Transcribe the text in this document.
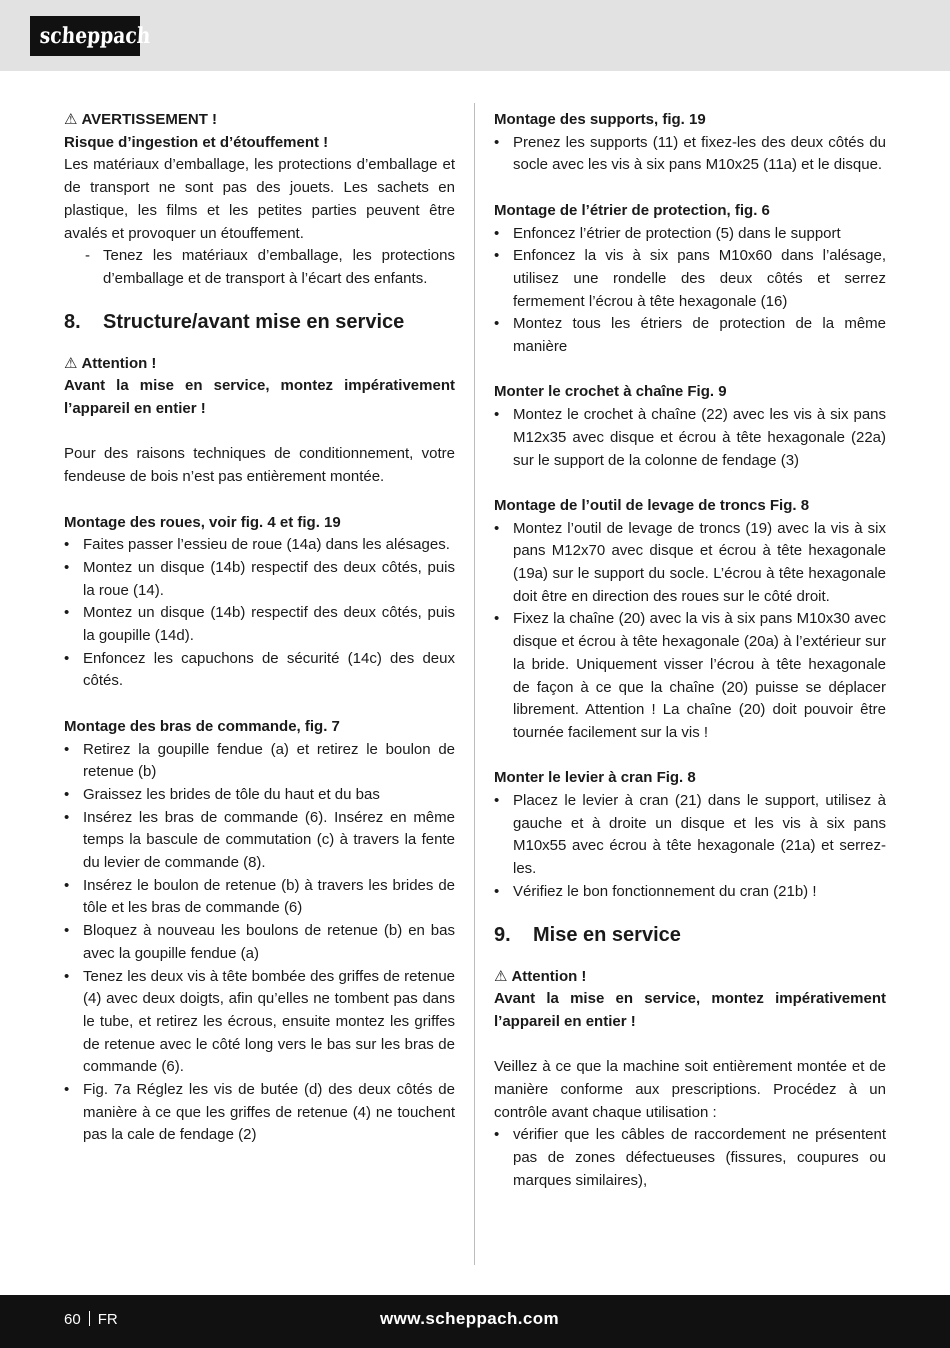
scheppach

⚠ AVERTISSEMENT !

Risque d’ingestion et d’étouffement !

Les matériaux d’emballage, les protections d’emballage et de transport ne sont pas des jouets. Les sachets en plastique, les films et les petites parties peuvent être avalés et provoquer un étouffement.

- Tenez les matériaux d’emballage, les protections d’emballage et de transport à l’écart des enfants.
8.	Structure/avant mise en service

⚠ Attention !

Avant la mise en service, montez impérativement l’appareil en entier !

Pour des raisons techniques de conditionnement, votre fendeuse de bois n’est pas entièrement montée.

Montage des roues, voir fig. 4 et fig. 19

• Faites passer l’essieu de roue (14a) dans les alésages.
• Montez un disque (14b) respectif des deux côtés, puis la roue (14).
• Montez un disque (14b) respectif des deux côtés, puis la goupille (14d).
• Enfoncez les capuchons de sécurité (14c) des deux côtés.

Montage des bras de commande, fig. 7

• Retirez la goupille fendue (a) et retirez le boulon de retenue (b)
• Graissez les brides de tôle du haut et du bas
• Insérez les bras de commande (6). Insérez en même temps la bascule de commutation (c) à travers la fente du levier de commande (8).
• Insérez le boulon de retenue (b) à travers les brides de tôle et les bras de commande (6)
• Bloquez à nouveau les boulons de retenue (b) en bas avec la goupille fendue (a)
• Tenez les deux vis à tête bombée des griffes de retenue (4) avec deux doigts, afin qu’elles ne tombent pas dans le tube, et retirez les écrous, ensuite montez les griffes de retenue avec le côté long vers le bas sur les bras de commande (6).
• Fig. 7a Réglez les vis de butée (d) des deux côtés de manière à ce que les griffes de retenue (4) ne touchent pas la cale de fendage (2)

Montage des supports, fig. 19

• Prenez les supports (11) et fixez-les des deux côtés du socle avec les vis à six pans M10x25 (11a) et le disque.

Montage de l’étrier de protection, fig. 6

• Enfoncez l’étrier de protection (5) dans le support
• Enfoncez la vis à six pans M10x60 dans l’alésage, utilisez une rondelle des deux côtés et serrez fermement l’écrou à tête hexagonale (16)
• Montez tous les étriers de protection de la même manière

Monter le crochet à chaîne Fig. 9

• Montez le crochet à chaîne (22) avec les vis à six pans M12x35 avec disque et écrou à tête hexagonale (22a) sur le support de la colonne de fendage (3)

Montage de l’outil de levage de troncs Fig. 8

• Montez l’outil de levage de troncs (19) avec la vis à six pans M12x70 avec disque et écrou à tête hexagonale (19a) sur le support du socle. L’écrou à tête hexagonale doit être en direction des roues sur le côté droit.
• Fixez la chaîne (20) avec la vis à six pans M10x30 avec disque et écrou à tête hexagonale (20a) à l’extérieur sur la bride. Uniquement visser l’écrou à tête hexagonale de façon à ce que la chaîne (20) puisse se déplacer librement. Attention ! La chaîne (20) doit pouvoir être tournée facilement sur la vis !

Monter le levier à cran Fig. 8

• Placez le levier à cran (21) dans le support, utilisez à gauche et à droite un disque et les vis à six pans M10x55 avec écrou à tête hexagonale (21a) et serrez-les.
• Vérifiez le bon fonctionnement du cran (21b) !
9.	Mise en service

⚠ Attention !

Avant la mise en service, montez impérativement l’appareil en entier !

Veillez à ce que la machine soit entièrement montée et de manière conforme aux prescriptions. Procédez à un contrôle avant chaque utilisation :

• vérifier que les câbles de raccordement ne présentent pas de zones défectueuses (fissures, coupures ou marques similaires),
60 FR	www.scheppach.com
